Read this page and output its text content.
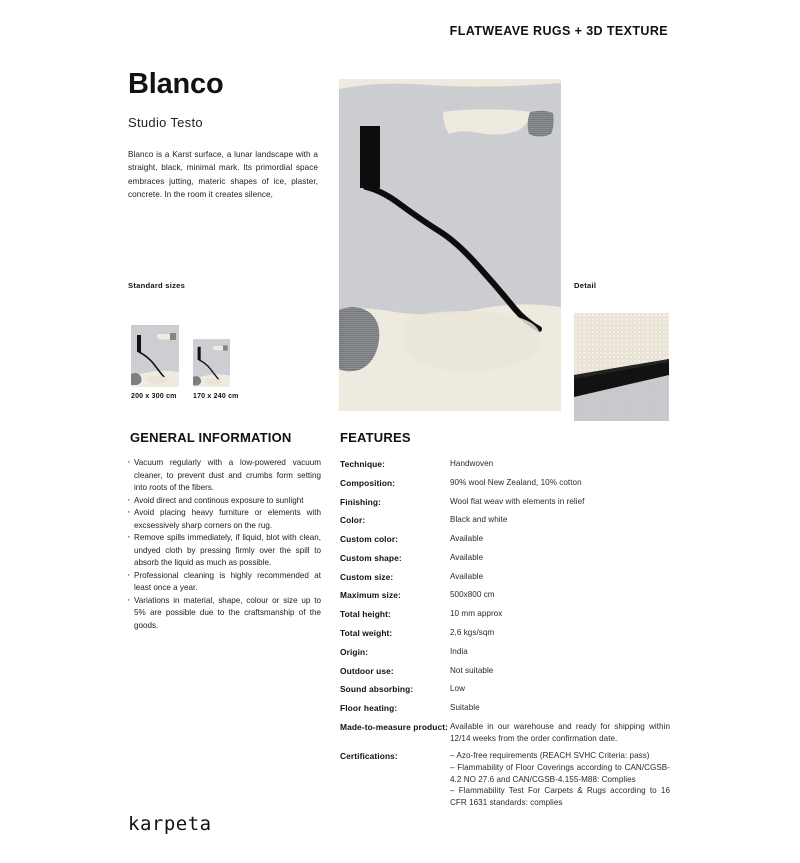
FLATWEAVE RUGS + 3D TEXTURE
Blanco
Studio Testo

Blanco is a Karst surface, a lunar landscape with a straight, black, minimal mark. Its primordial space embraces jutting, materic shapes of ice, plaster, concrete. In the room it creates silence,

Standard sizes

200 x 300 cm	170 x 240 cm

Detail

GENERAL INFORMATION
· Vacuum regularly with a low-powered vacuum cleaner, to prevent dust and crumbs form setting into roots of the fibers.
· Avoid direct and continous exposure to sunlight
· Avoid placing heavy furniture or elements with excsessively sharp corners on the rug.
· Remove spills immediately, if liquid, blot with clean, undyed cloth by pressing firmly over the spill to absorb the liquid as much as possible.
· Professional cleaning is highly recommended at least once a year.
· Variations in material, shape, colour or size up to 5% are possible due to the craftsmanship of the goods.
FEATURES
Technique:	Handwoven
Composition:	90% wool New Zealand, 10% cotton
Finishing:	Wool flat weav with elements in relief
Color:	Black and white
Custom color:	Available
Custom shape:	Available
Custom size:	Available
Maximum size:	500x800 cm
Total height:	10 mm approx
Total weight:	2,6 kgs/sqm
Origin:	India
Outdoor use:	Not suitable
Sound absorbing:	Low
Floor heating:	Suitable
Made-to-measure product: Available in our warehouse and ready for shipping within 12/14 weeks from the order confirmation date.
Certifications:	– Azo-free requirements (REACH SVHC Criteria: pass)
– Flammability of Floor Coverings according to CAN/CGSB-4.2 NO 27.6 and CAN/CGSB-4.155-M88: Complies
– Flammability Test For Carpets & Rugs according to 16 CFR 1631 standards: complies
karpeta
